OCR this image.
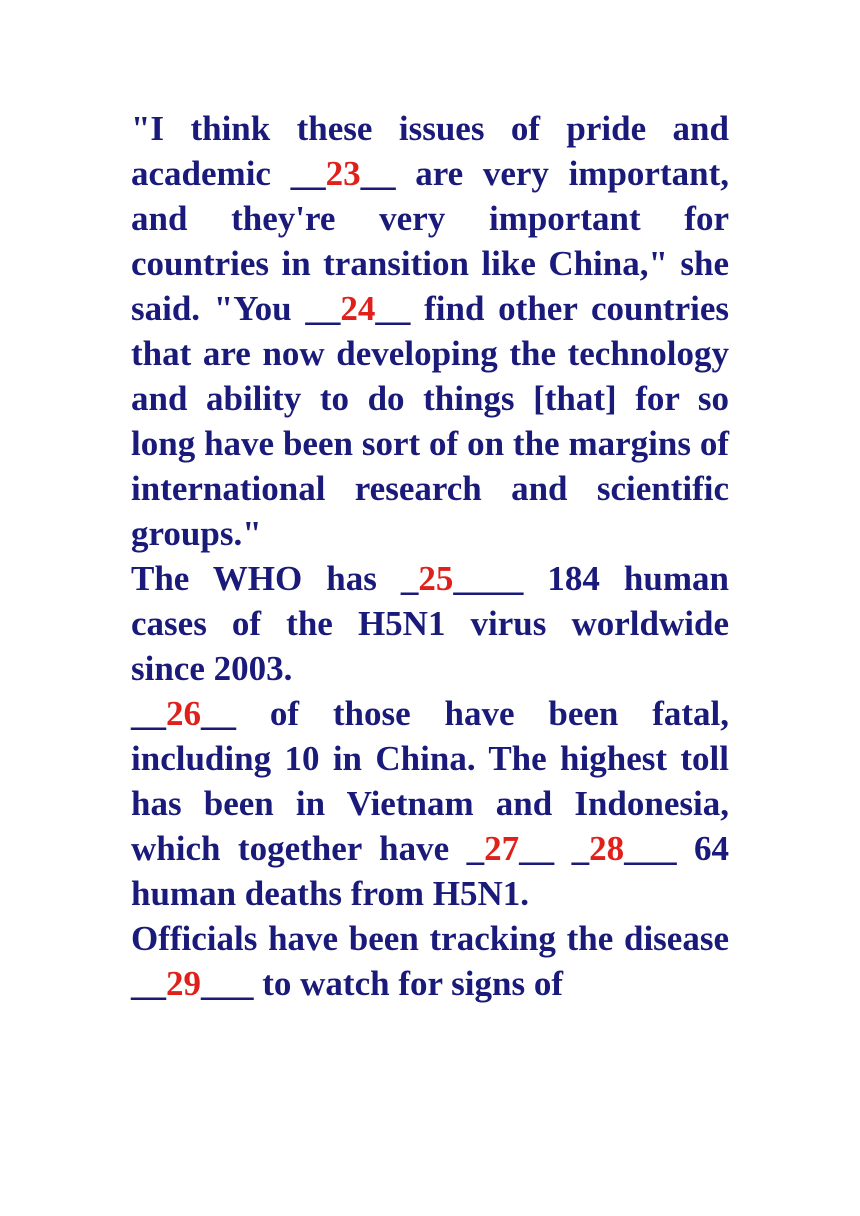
"I think these issues of pride and academic __23__ are very important, and they're very important for countries in transition like China," she said. "You __24__ find other countries that are now developing the technology and ability to do things [that] for so long have been sort of on the margins of international research and scientific groups."

The WHO has _25____ 184 human cases of the H5N1 virus worldwide since 2003.

__26__ of those have been fatal, including 10 in China. The highest toll has been in Vietnam and Indonesia, which together have _27__ _28___ 64 human deaths from H5N1.

Officials have been tracking the disease __29___ to watch for signs of
